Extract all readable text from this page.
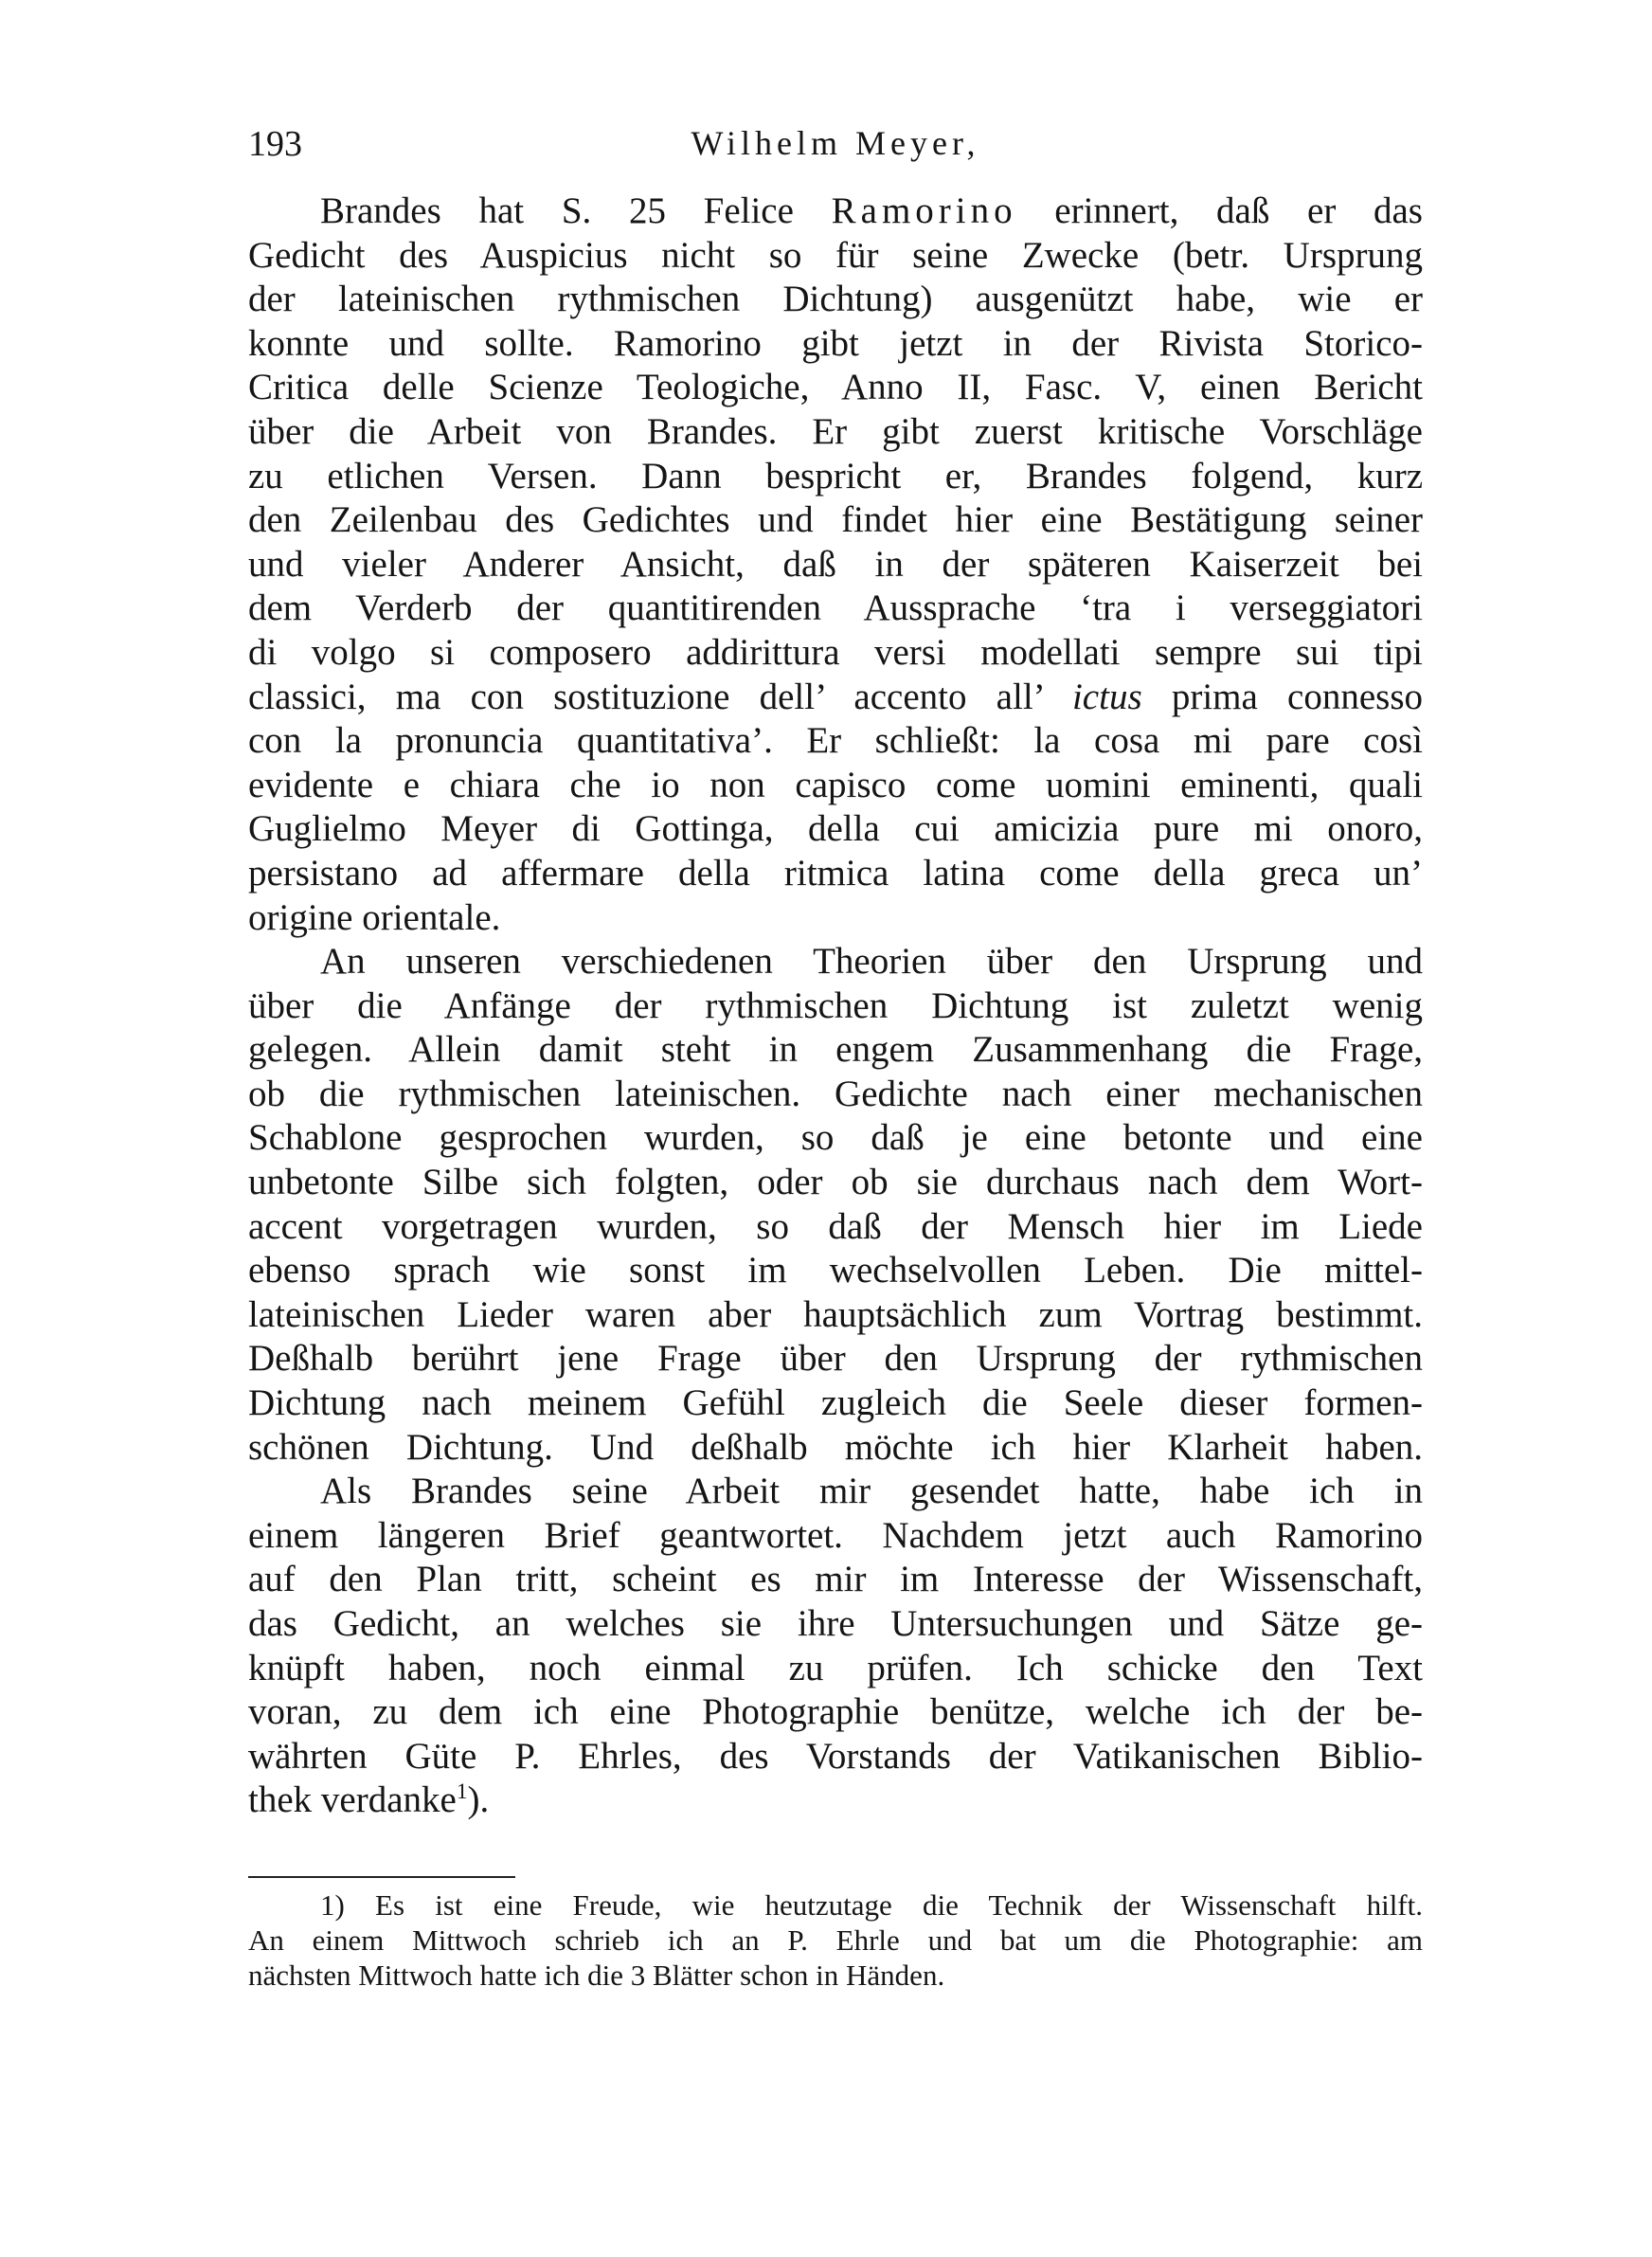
193	Wilhelm Meyer,
Brandes hat S. 25 Felice Ramorino erinnert, daß er das
Gedicht des Auspicius nicht so für seine Zwecke (betr. Ursprung
der lateinischen rythmischen Dichtung) ausgenützt habe, wie er
konnte und sollte. Ramorino gibt jetzt in der Rivista Storico-
Critica delle Scienze Teologiche, Anno II, Fasc. V, einen Bericht
über die Arbeit von Brandes. Er gibt zuerst kritische Vorschläge
zu etlichen Versen. Dann bespricht er, Brandes folgend, kurz
den Zeilenbau des Gedichtes und findet hier eine Bestätigung seiner
und vieler Anderer Ansicht, daß in der späteren Kaiserzeit bei
dem Verderb der quantitirenden Aussprache ‘tra i verseggiatori
di volgo si composero addirittura versi modellati sempre sui tipi
classici, ma con sostituzione dell’ accento all’ ictus prima connesso
con la pronuncia quantitativa’. Er schließt: la cosa mi pare così
evidente e chiara che io non capisco come uomini eminenti, quali
Guglielmo Meyer di Gottinga, della cui amicizia pure mi onoro,
persistano ad affermare della ritmica latina come della greca un’
origine orientale.
An unseren verschiedenen Theorien über den Ursprung und
über die Anfänge der rythmischen Dichtung ist zuletzt wenig
gelegen. Allein damit steht in engem Zusammenhang die Frage,
ob die rythmischen lateinischen. Gedichte nach einer mechanischen
Schablone gesprochen wurden, so daß je eine betonte und eine
unbetonte Silbe sich folgten, oder ob sie durchaus nach dem Wort-
accent vorgetragen wurden, so daß der Mensch hier im Liede
ebenso sprach wie sonst im wechselvollen Leben. Die mittel-
lateinischen Lieder waren aber hauptsächlich zum Vortrag bestimmt.
Deßhalb berührt jene Frage über den Ursprung der rythmischen
Dichtung nach meinem Gefühl zugleich die Seele dieser formen-
schönen Dichtung. Und deßhalb möchte ich hier Klarheit haben.
Als Brandes seine Arbeit mir gesendet hatte, habe ich in
einem längeren Brief geantwortet. Nachdem jetzt auch Ramorino
auf den Plan tritt, scheint es mir im Interesse der Wissenschaft,
das Gedicht, an welches sie ihre Untersuchungen und Sätze ge-
knüpft haben, noch einmal zu prüfen. Ich schicke den Text
voran, zu dem ich eine Photographie benütze, welche ich der be-
währten Güte P. Ehrles, des Vorstands der Vatikanischen Biblio-
thek verdanke$^1$).
1) Es ist eine Freude, wie heutzutage die Technik der Wissenschaft hilft.
An einem Mittwoch schrieb ich an P. Ehrle und bat um die Photographie: am
nächsten Mittwoch hatte ich die 3 Blätter schon in Händen.
